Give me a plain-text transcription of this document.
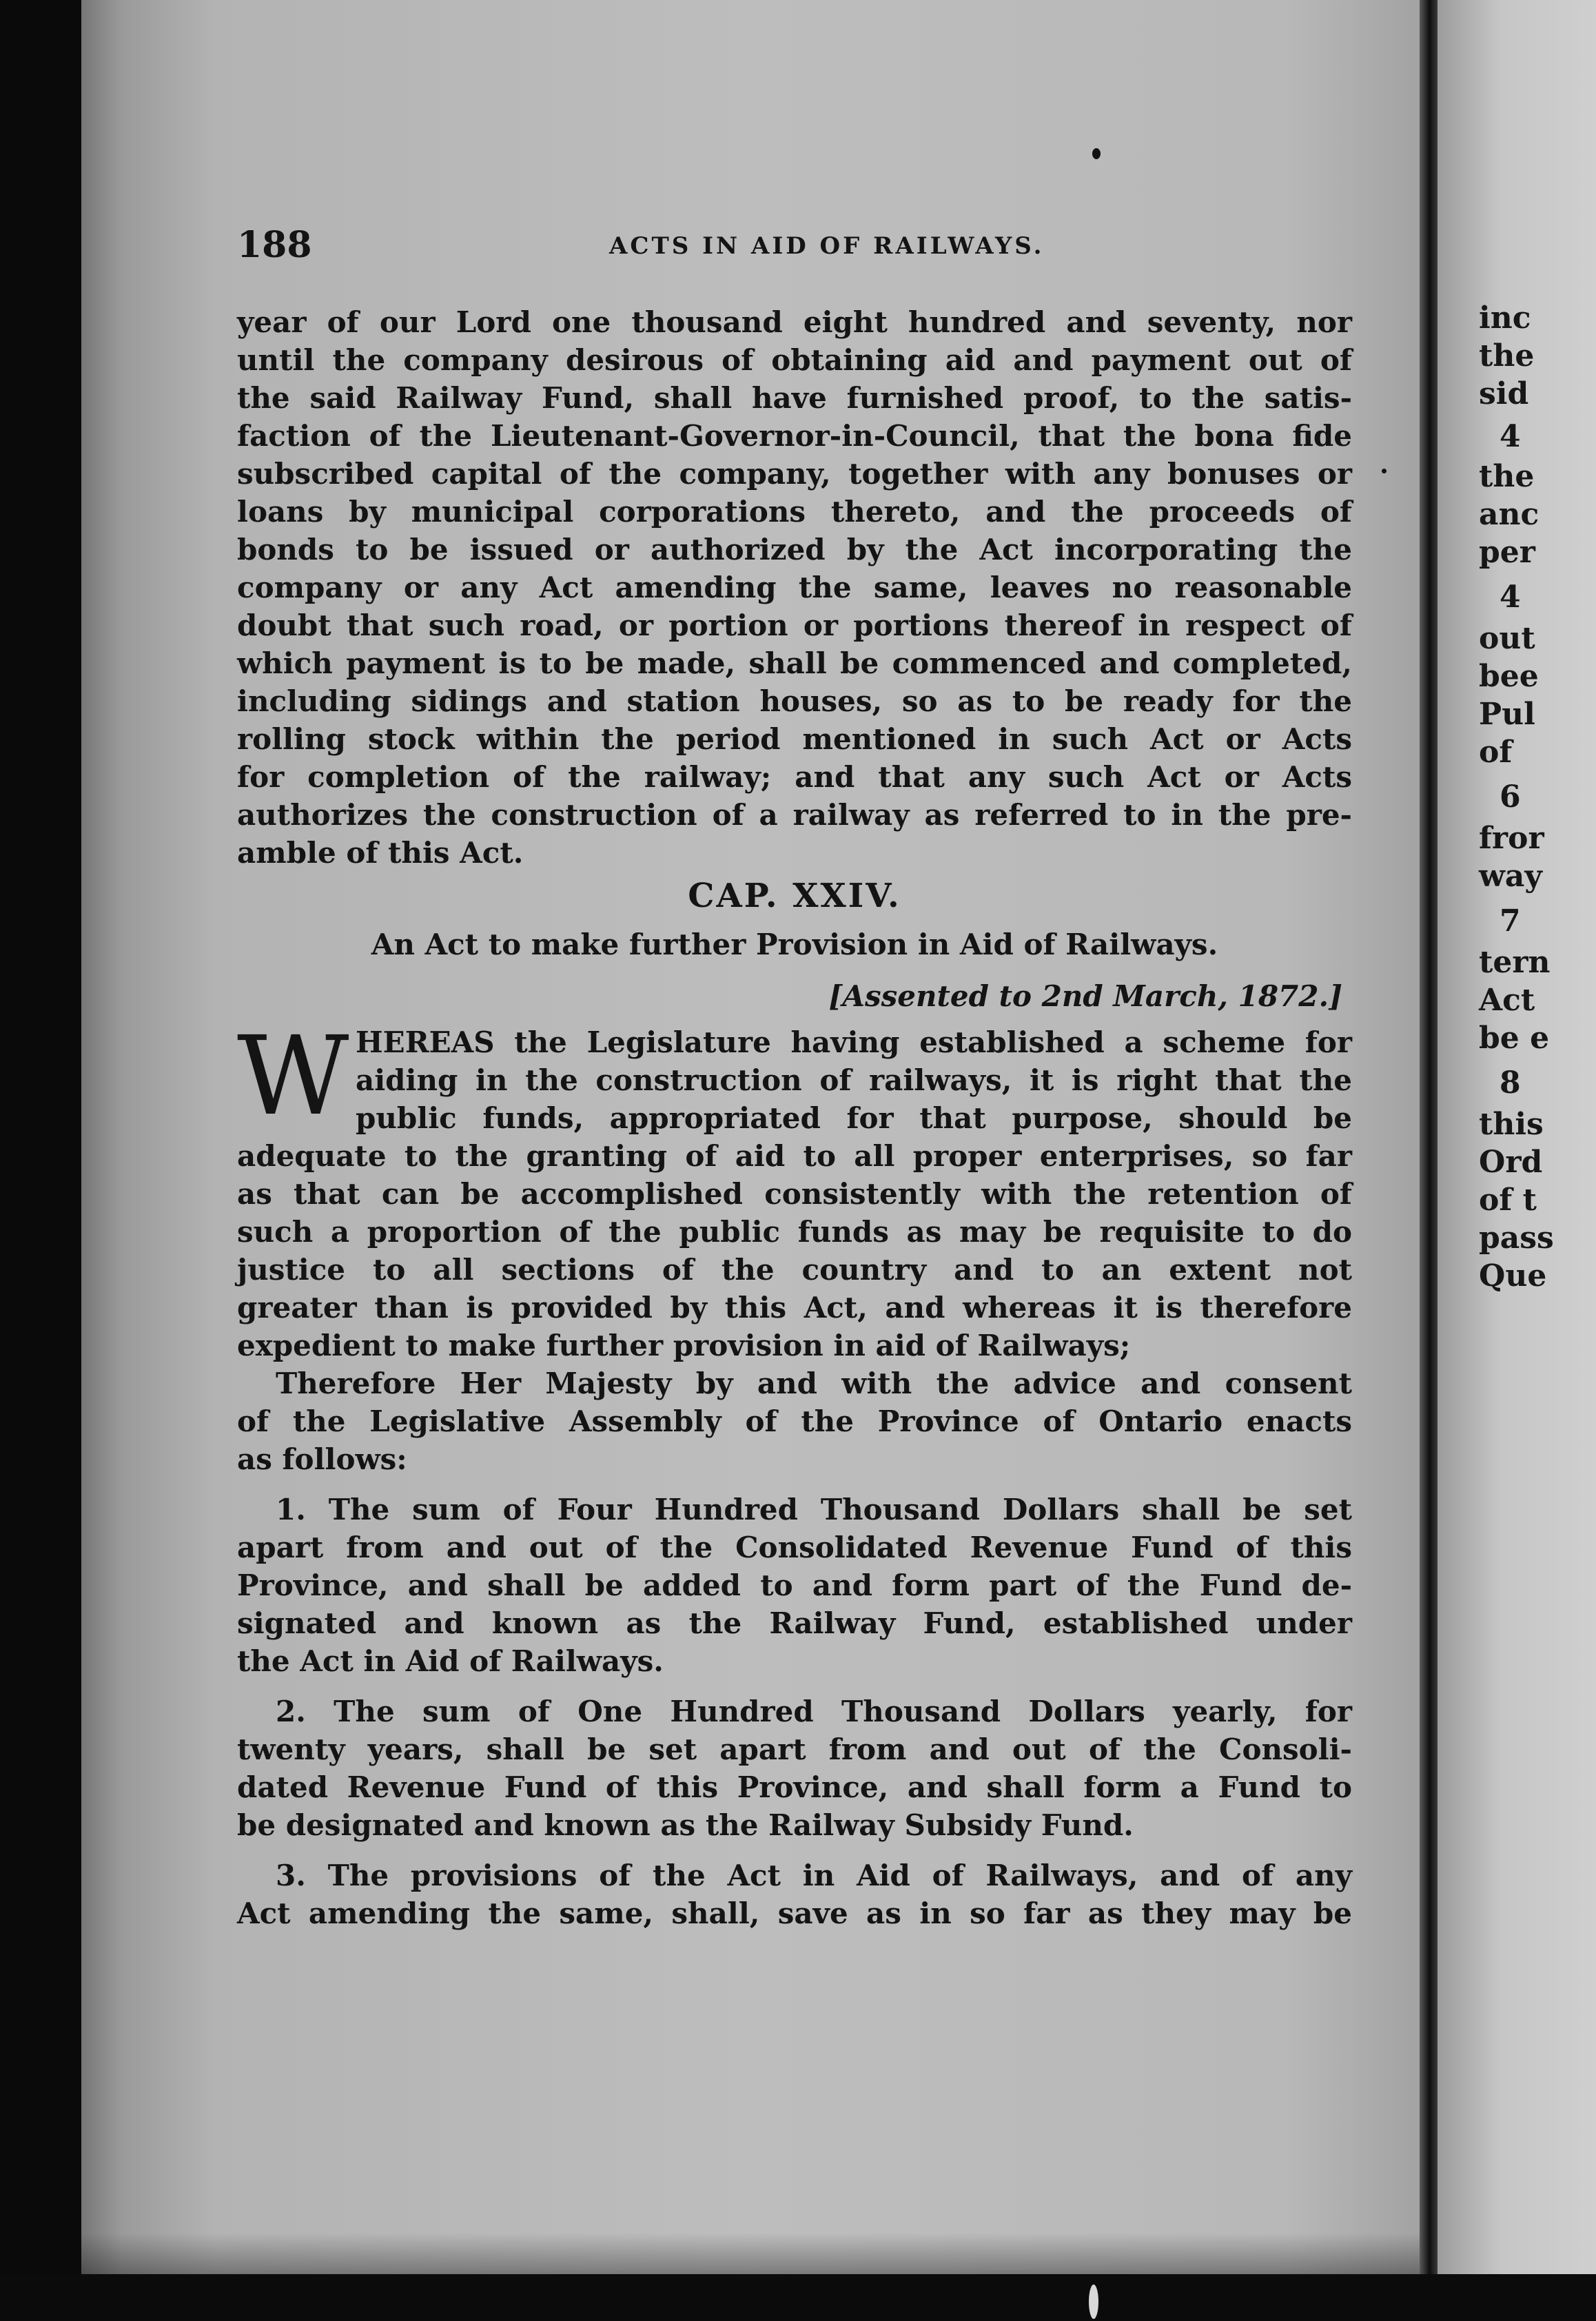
inc
the
sid
4
the
anc
per
4
out
bee
Pul
of
6
fror
way
7
tern
Act
be e
8
this
Ord
of t
pass
Que
188	ACTS IN AID OF RAILWAYS.
year of our Lord one thousand eight hundred and seventy, nor
until the company desirous of obtaining aid and payment out of
the said Railway Fund, shall have furnished proof, to the satis-
faction of the Lieutenant-Governor-in-Council, that the bona fide
subscribed capital of the company, together with any bonuses or
loans by municipal corporations thereto, and the proceeds of
bonds to be issued or authorized by the Act incorporating the
company or any Act amending the same, leaves no reasonable
doubt that such road, or portion or portions thereof in respect of
which payment is to be made, shall be commenced and completed,
including sidings and station houses, so as to be ready for the
rolling stock within the period mentioned in such Act or Acts
for completion of the railway; and that any such Act or Acts
authorizes the construction of a railway as referred to in the pre-
amble of this Act.
CAP. XXIV.
An Act to make further Provision in Aid of Railways.
[Assented to 2nd March, 1872.]
W HEREAS the Legislature having established a scheme for
aiding in the construction of railways, it is right that the
public funds, appropriated for that purpose, should be
adequate to the granting of aid to all proper enterprises, so far
as that can be accomplished consistently with the retention of
such a proportion of the public funds as may be requisite to do
justice to all sections of the country and to an extent not
greater than is provided by this Act, and whereas it is therefore
expedient to make further provision in aid of Railways;
Therefore Her Majesty by and with the advice and consent
of the Legislative Assembly of the Province of Ontario enacts
as follows:
1. The sum of Four Hundred Thousand Dollars shall be set
apart from and out of the Consolidated Revenue Fund of this
Province, and shall be added to and form part of the Fund de-
signated and known as the Railway Fund, established under
the Act in Aid of Railways.
2. The sum of One Hundred Thousand Dollars yearly, for
twenty years, shall be set apart from and out of the Consoli-
dated Revenue Fund of this Province, and shall form a Fund to
be designated and known as the Railway Subsidy Fund.
3. The provisions of the Act in Aid of Railways, and of any
Act amending the same, shall, save as in so far as they may be
